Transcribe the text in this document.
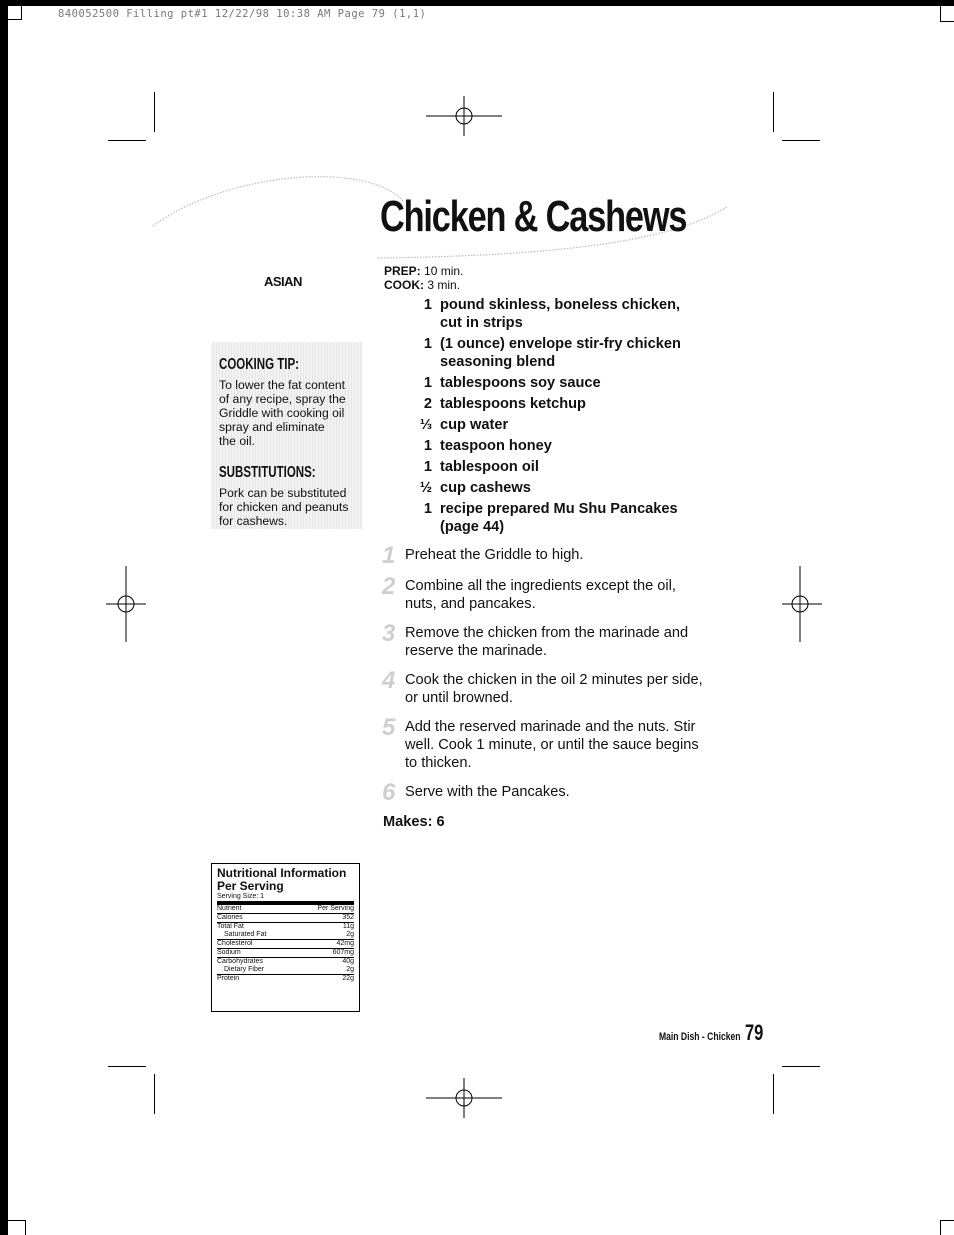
840052500 Filling pt#1 12/22/98 10:38 AM Page 79 (1,1)
Chicken & Cashews
ASIAN
COOKING TIP:
To lower the fat content
of any recipe, spray the
Griddle with cooking oil
spray and eliminate
the oil.
SUBSTITUTIONS:
Pork can be substituted
for chicken and peanuts
for cashews.
PREP: 10 min.
COOK: 3 min.
1 pound skinless, boneless chicken,
cut in strips
1 (1 ounce) envelope stir-fry chicken
seasoning blend
1 tablespoons soy sauce
2 tablespoons ketchup
⅓ cup water
1 teaspoon honey
1 tablespoon oil
½ cup cashews
1 recipe prepared Mu Shu Pancakes
(page 44)
1 Preheat the Griddle to high.
2 Combine all the ingredients except the oil,
nuts, and pancakes.
3 Remove the chicken from the marinade and
reserve the marinade.
4 Cook the chicken in the oil 2 minutes per side,
or until browned.
5 Add the reserved marinade and the nuts. Stir
well. Cook 1 minute, or until the sauce begins
to thicken.
6 Serve with the Pancakes.
Makes: 6
Nutritional Information
Per Serving
Serving Size: 1
Nutrient	Per Serving
Calories	352
Total Fat	11g
Saturated Fat	2g
Cholesterol	42mg
Sodium	607mg
Carbohydrates	40g
Dietary Fiber	2g
Protein	22g
Main Dish - Chicken 79
